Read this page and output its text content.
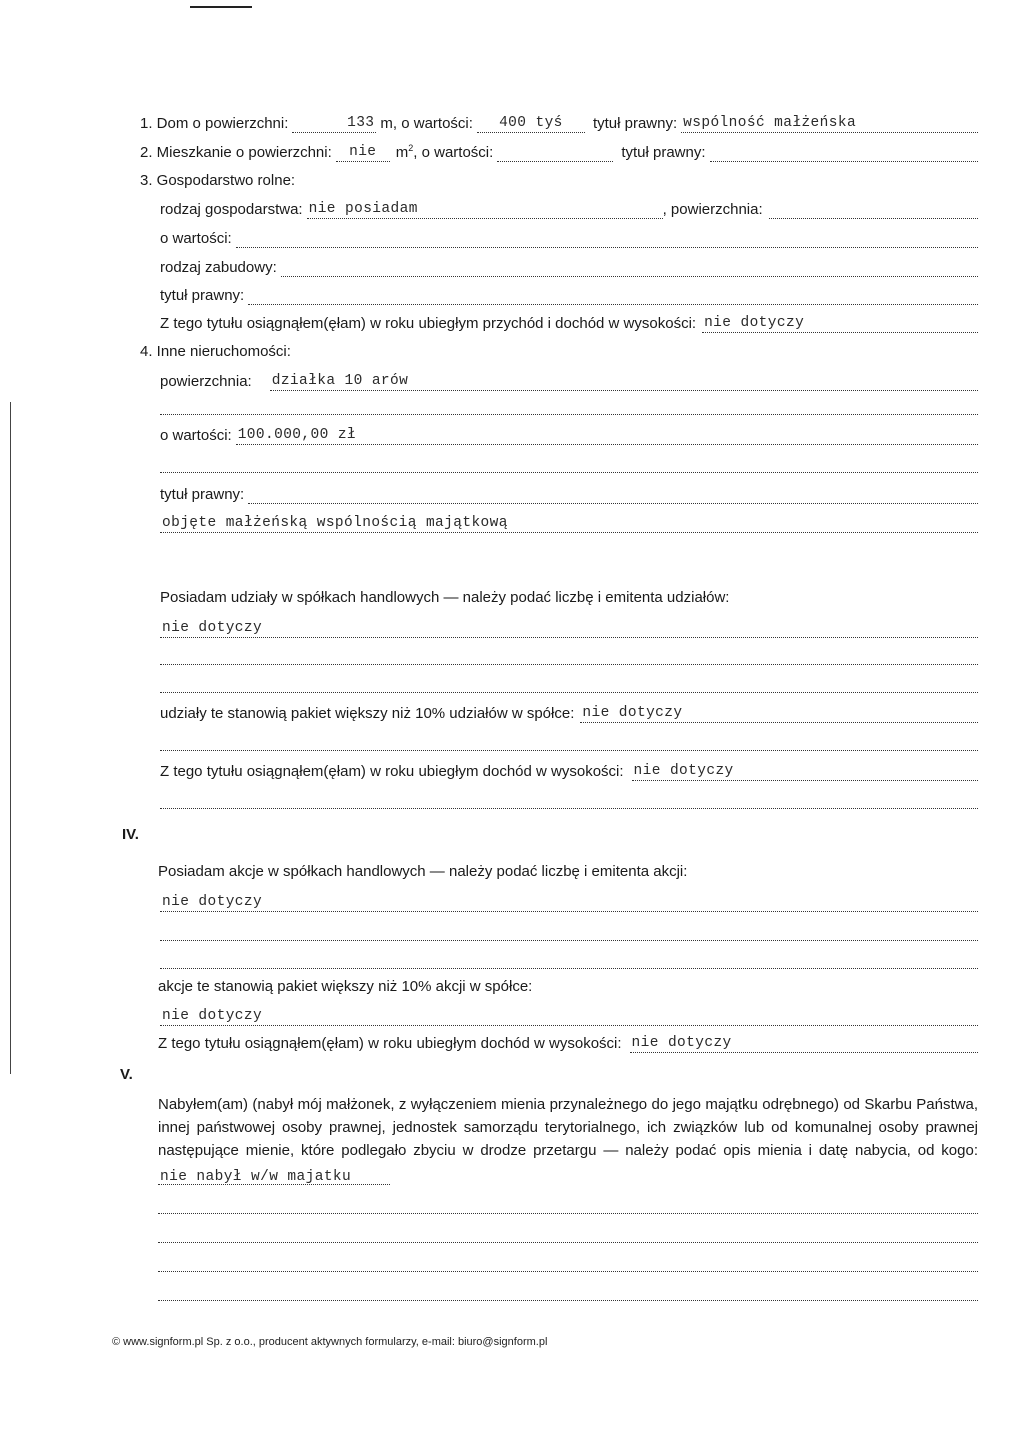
1. Dom o powierzchni:	133 m , o wartości:	400 tyś	tytuł prawny: wspólność małżeńska
2. Mieszkanie o powierzchni:	nie	$m^2$ , o wartości:	tytuł prawny:
3. Gospodarstwo rolne:
rodzaj gospodarstwa: nie posiadam	, powierzchnia:
o wartości:
rodzaj zabudowy:
tytuł prawny:
Z tego tytułu osiągnąłem(ęłam) w roku ubiegłym przychód i dochód w wysokości: nie dotyczy
4. Inne nieruchomości:
powierzchnia: działka 10 arów
o wartości: 100.000,00 zł
tytuł prawny:
objęte małżeńską wspólnością majątkową
Posiadam udziały w spółkach handlowych — należy podać liczbę i emitenta udziałów:
nie dotyczy
udziały te stanowią pakiet większy niż 10% udziałów w spółce: nie dotyczy
Z tego tytułu osiągnąłem(ęłam) w roku ubiegłym dochód w wysokości: nie dotyczy
IV.
Posiadam akcje w spółkach handlowych — należy podać liczbę i emitenta akcji:
nie dotyczy
akcje te stanowią pakiet większy niż 10% akcji w spółce:
nie dotyczy
Z tego tytułu osiągnąłem(ęłam) w roku ubiegłym dochód w wysokości: nie dotyczy
V.
Nabyłem(am) (nabył mój małżonek, z wyłączeniem mienia przynależnego do jego majątku odrębnego) od Skarbu Państwa, innej państwowej osoby prawnej, jednostek samorządu terytorialnego, ich związków lub od komunalnej osoby prawnej następujące mienie, które podlegało zbyciu w drodze przetargu — należy podać opis mienia i datę nabycia, od kogo: nie nabył w/w majatku
© www.signform.pl Sp. z o.o., producent aktywnych formularzy, e-mail: biuro@signform.pl
